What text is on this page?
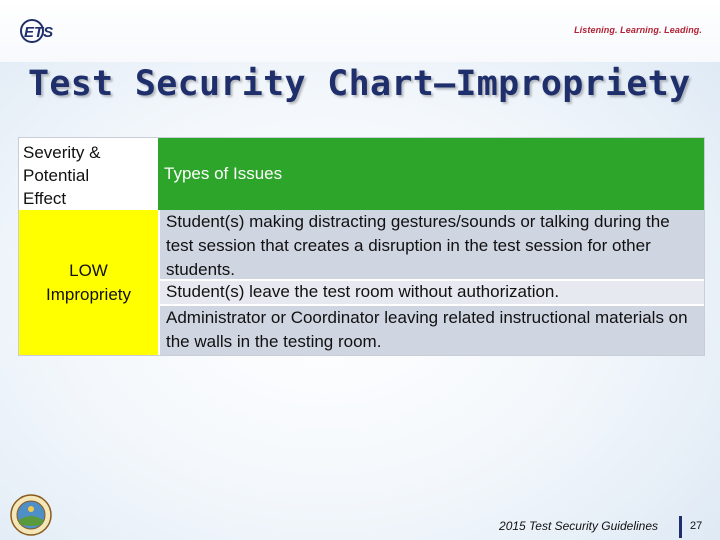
ETS	Listening. Learning. Leading.
Test Security Chart—Impropriety
Severity &
Potential
Effect
Types of Issues
LOW
Impropriety
Student(s) making distracting gestures/sounds or talking during the test session that creates a disruption in the test session for other students.
Student(s) leave the test room without authorization.
Administrator or Coordinator leaving related instructional materials on the walls in the testing room.
2015 Test Security Guidelines	27
